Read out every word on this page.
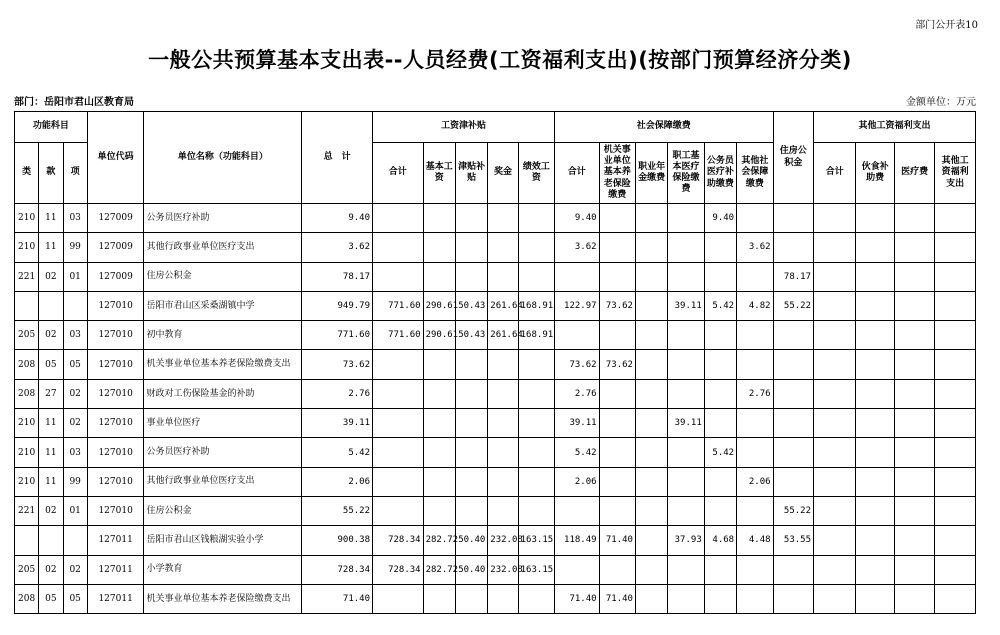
部门公开表10
一般公共预算基本支出表--人员经费(工资福利支出)(按部门预算经济分类)
部门：岳阳市君山区教育局	金额单位：万元
功能科目			单位代码	单位名称（功能科目）	总　计	工资津补贴					社会保障缴费						住房公积金	其他工资福利支出			
类	款	项				合计	基本工资	津贴补贴	奖金	绩效工资	合计	机关事业单位基本养老保险缴费	职业年金缴费	职工基本医疗保险缴费	公务员医疗补助缴费	其他社会保障缴费		合计	伙食补助费	医疗费	其他工资福利支出
210	11	03	127009	公务员医疗补助	9.40						9.40				9.40						
210	11	99	127009	其他行政事业单位医疗支出	3.62						3.62					3.62					
221	02	01	127009	住房公积金	78.17												78.17				
			127010	岳阳市君山区采桑湖镇中学	949.79	771.60	290.61	50.43	261.64	168.91	122.97	73.62		39.11	5.42	4.82	55.22				
205	02	03	127010	初中教育	771.60	771.60	290.61	50.43	261.64	168.91											
208	05	05	127010	机关事业单位基本养老保险缴费支出	73.62						73.62	73.62									
208	27	02	127010	财政对工伤保险基金的补助	2.76						2.76					2.76					
210	11	02	127010	事业单位医疗	39.11						39.11			39.11							
210	11	03	127010	公务员医疗补助	5.42						5.42				5.42						
210	11	99	127010	其他行政事业单位医疗支出	2.06						2.06					2.06					
221	02	01	127010	住房公积金	55.22												55.22				
			127011	岳阳市君山区钱粮湖实验小学	900.38	728.34	282.72	50.40	232.08	163.15	118.49	71.40		37.93	4.68	4.48	53.55				
205	02	02	127011	小学教育	728.34	728.34	282.72	50.40	232.08	163.15											
208	05	05	127011	机关事业单位基本养老保险缴费支出	71.40						71.40	71.40									
